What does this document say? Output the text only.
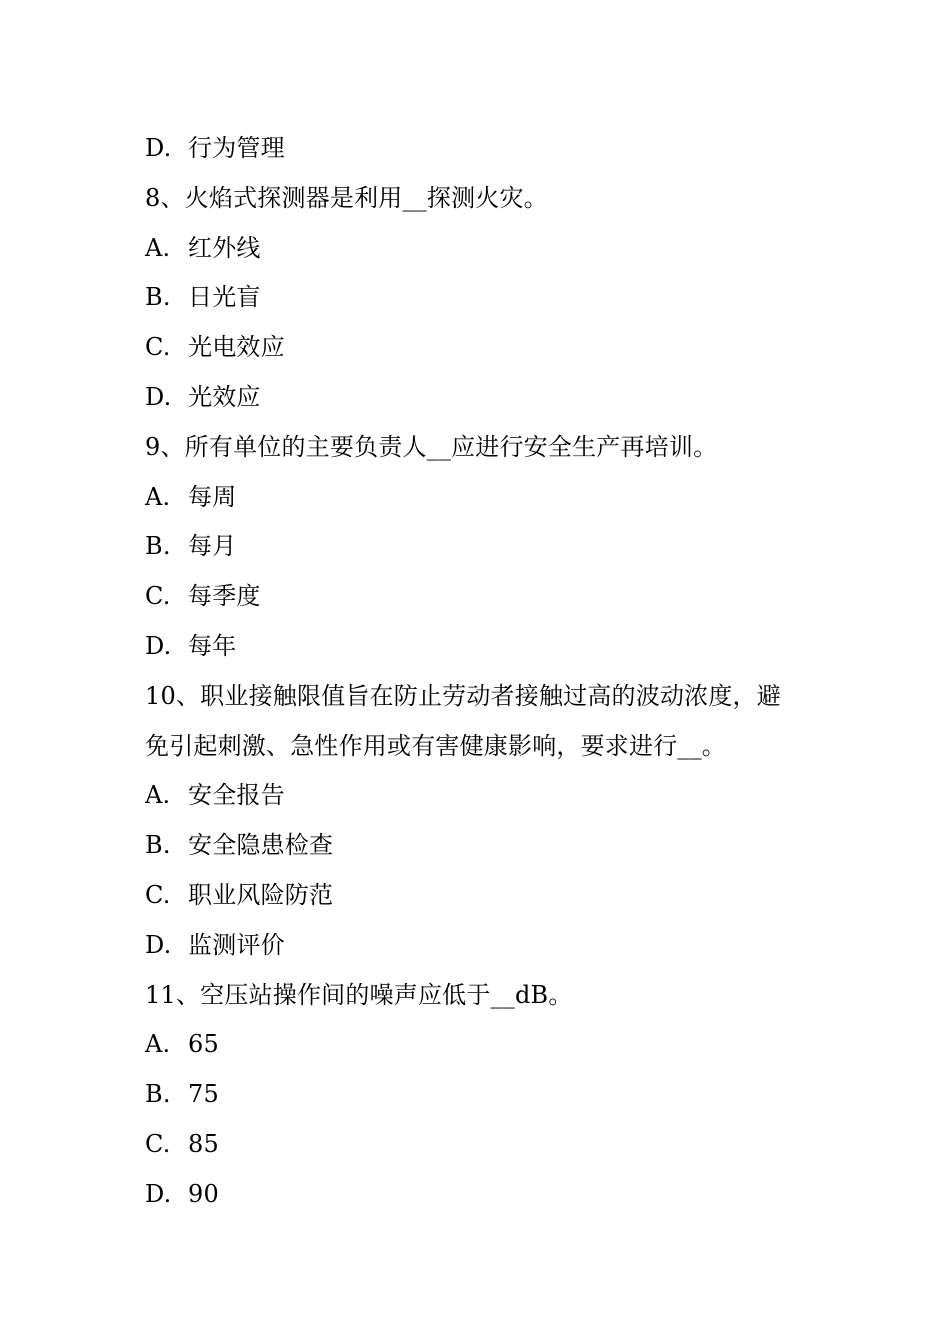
D. 行为管理
8、火焰式探测器是利用__探测火灾。
A. 红外线
B. 日光盲
C. 光电效应
D. 光效应
9、所有单位的主要负责人__应进行安全生产再培训。
A. 每周
B. 每月
C. 每季度
D. 每年
10、职业接触限值旨在防止劳动者接触过高的波动浓度，避
免引起刺激、急性作用或有害健康影响，要求进行__。
A. 安全报告
B. 安全隐患检查
C. 职业风险防范
D. 监测评价
11、空压站操作间的噪声应低于__dB。
A. 65
B. 75
C. 85
D. 90
